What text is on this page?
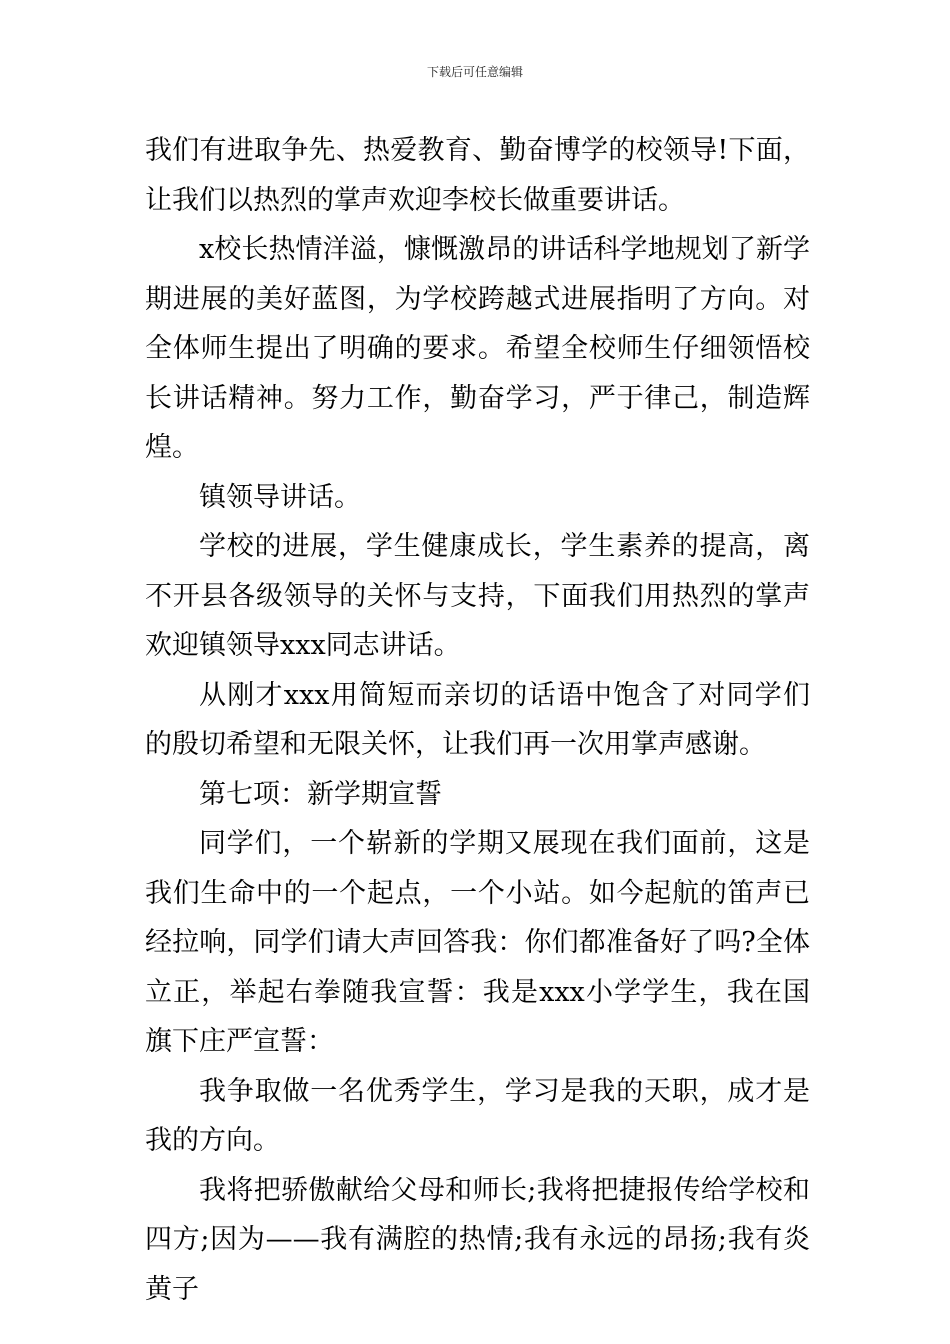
下载后可任意编辑

我们有进取争先、热爱教育、勤奋博学的校领导!下面，让我们以热烈的掌声欢迎李校长做重要讲话。

x校长热情洋溢，慷慨激昂的讲话科学地规划了新学期进展的美好蓝图，为学校跨越式进展指明了方向。对全体师生提出了明确的要求。希望全校师生仔细领悟校长讲话精神。努力工作，勤奋学习，严于律己，制造辉煌。

镇领导讲话。

学校的进展，学生健康成长，学生素养的提高，离不开县各级领导的关怀与支持，下面我们用热烈的掌声欢迎镇领导xxx同志讲话。

从刚才xxx用简短而亲切的话语中饱含了对同学们的殷切希望和无限关怀，让我们再一次用掌声感谢。

第七项：新学期宣誓

同学们，一个崭新的学期又展现在我们面前，这是我们生命中的一个起点，一个小站。如今起航的笛声已经拉响，同学们请大声回答我：你们都准备好了吗?全体立正，举起右拳随我宣誓：我是xxx小学学生，我在国旗下庄严宣誓：

我争取做一名优秀学生，学习是我的天职，成才是我的方向。

我将把骄傲献给父母和师长;我将把捷报传给学校和四方;因为——我有满腔的热情;我有永远的昂扬;我有炎黄子
